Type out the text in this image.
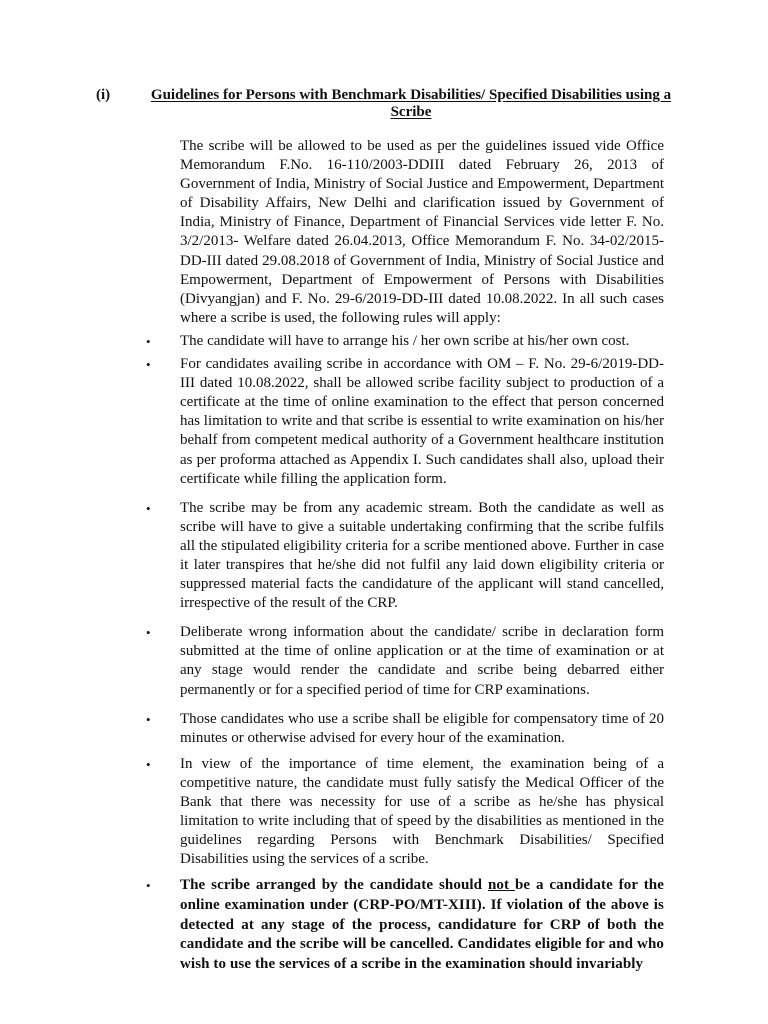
(i)	Guidelines for Persons with Benchmark Disabilities/ Specified Disabilities using a Scribe

The scribe will be allowed to be used as per the guidelines issued vide Office Memorandum F.No. 16-110/2003-DDIII dated February 26, 2013 of Government of India, Ministry of Social Justice and Empowerment, Department of Disability Affairs, New Delhi and clarification issued by Government of India, Ministry of Finance, Department of Financial Services vide letter F. No. 3/2/2013- Welfare dated 26.04.2013, Office Memorandum F. No. 34-02/2015- DD-III dated 29.08.2018 of Government of India, Ministry of Social Justice and Empowerment, Department of Empowerment of Persons with Disabilities (Divyangjan) and F. No. 29-6/2019-DD-III dated 10.08.2022. In all such cases where a scribe is used, the following rules will apply:

• The candidate will have to arrange his / her own scribe at his/her own cost.

• For candidates availing scribe in accordance with OM – F. No. 29-6/2019-DD-III dated 10.08.2022, shall be allowed scribe facility subject to production of a certificate at the time of online examination to the effect that person concerned has limitation to write and that scribe is essential to write examination on his/her behalf from competent medical authority of a Government healthcare institution as per proforma attached as Appendix I. Such candidates shall also, upload their certificate while filling the application form.

• The scribe may be from any academic stream. Both the candidate as well as scribe will have to give a suitable undertaking confirming that the scribe fulfils all the stipulated eligibility criteria for a scribe mentioned above. Further in case it later transpires that he/she did not fulfil any laid down eligibility criteria or suppressed material facts the candidature of the applicant will stand cancelled, irrespective of the result of the CRP.

• Deliberate wrong information about the candidate/ scribe in declaration form submitted at the time of online application or at the time of examination or at any stage would render the candidate and scribe being debarred either permanently or for a specified period of time for CRP examinations.

• Those candidates who use a scribe shall be eligible for compensatory time of 20 minutes or otherwise advised for every hour of the examination.

• In view of the importance of time element, the examination being of a competitive nature, the candidate must fully satisfy the Medical Officer of the Bank that there was necessity for use of a scribe as he/she has physical limitation to write including that of speed by the disabilities as mentioned in the guidelines regarding Persons with Benchmark Disabilities/ Specified Disabilities using the services of a scribe.

• The scribe arranged by the candidate should not be a candidate for the online examination under (CRP-PO/MT-XIII). If violation of the above is detected at any stage of the process, candidature for CRP of both the candidate and the scribe will be cancelled. Candidates eligible for and who wish to use the services of a scribe in the examination should invariably
